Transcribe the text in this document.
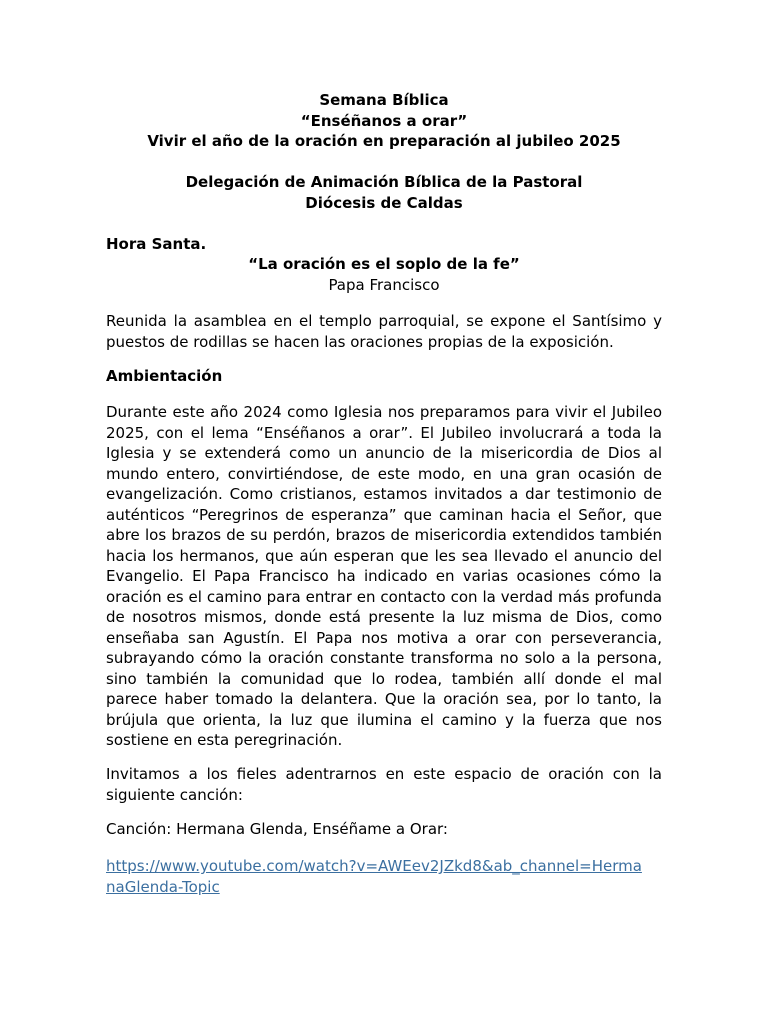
Semana Bíblica
“Enséñanos a orar”
Vivir el año de la oración en preparación al jubileo 2025
Delegación de Animación Bíblica de la Pastoral
Diócesis de Caldas
Hora Santa.
“La oración es el soplo de la fe”
Papa Francisco

Reunida la asamblea en el templo parroquial, se expone el Santísimo y puestos de rodillas se hacen las oraciones propias de la exposición.

Ambientación

Durante este año 2024 como Iglesia nos preparamos para vivir el Jubileo 2025, con el lema “Enséñanos a orar”. El Jubileo involucrará a toda la Iglesia y se extenderá como un anuncio de la misericordia de Dios al mundo entero, convirtiéndose, de este modo, en una gran ocasión de evangelización. Como cristianos, estamos invitados a dar testimonio de auténticos “Peregrinos de esperanza” que caminan hacia el Señor, que abre los brazos de su perdón, brazos de misericordia extendidos también hacia los hermanos, que aún esperan que les sea llevado el anuncio del Evangelio. El Papa Francisco ha indicado en varias ocasiones cómo la oración es el camino para entrar en contacto con la verdad más profunda de nosotros mismos, donde está presente la luz misma de Dios, como enseñaba san Agustín. El Papa nos motiva a orar con perseverancia, subrayando cómo la oración constante transforma no solo a la persona, sino también la comunidad que lo rodea, también allí donde el mal parece haber tomado la delantera. Que la oración sea, por lo tanto, la brújula que orienta, la luz que ilumina el camino y la fuerza que nos sostiene en esta peregrinación.

Invitamos a los fieles adentrarnos en este espacio de oración con la siguiente canción:

Canción: Hermana Glenda, Enséñame a Orar:

https://www.youtube.com/watch?v=AWEev2JZkd8&ab_channel=Herma
naGlenda-Topic
